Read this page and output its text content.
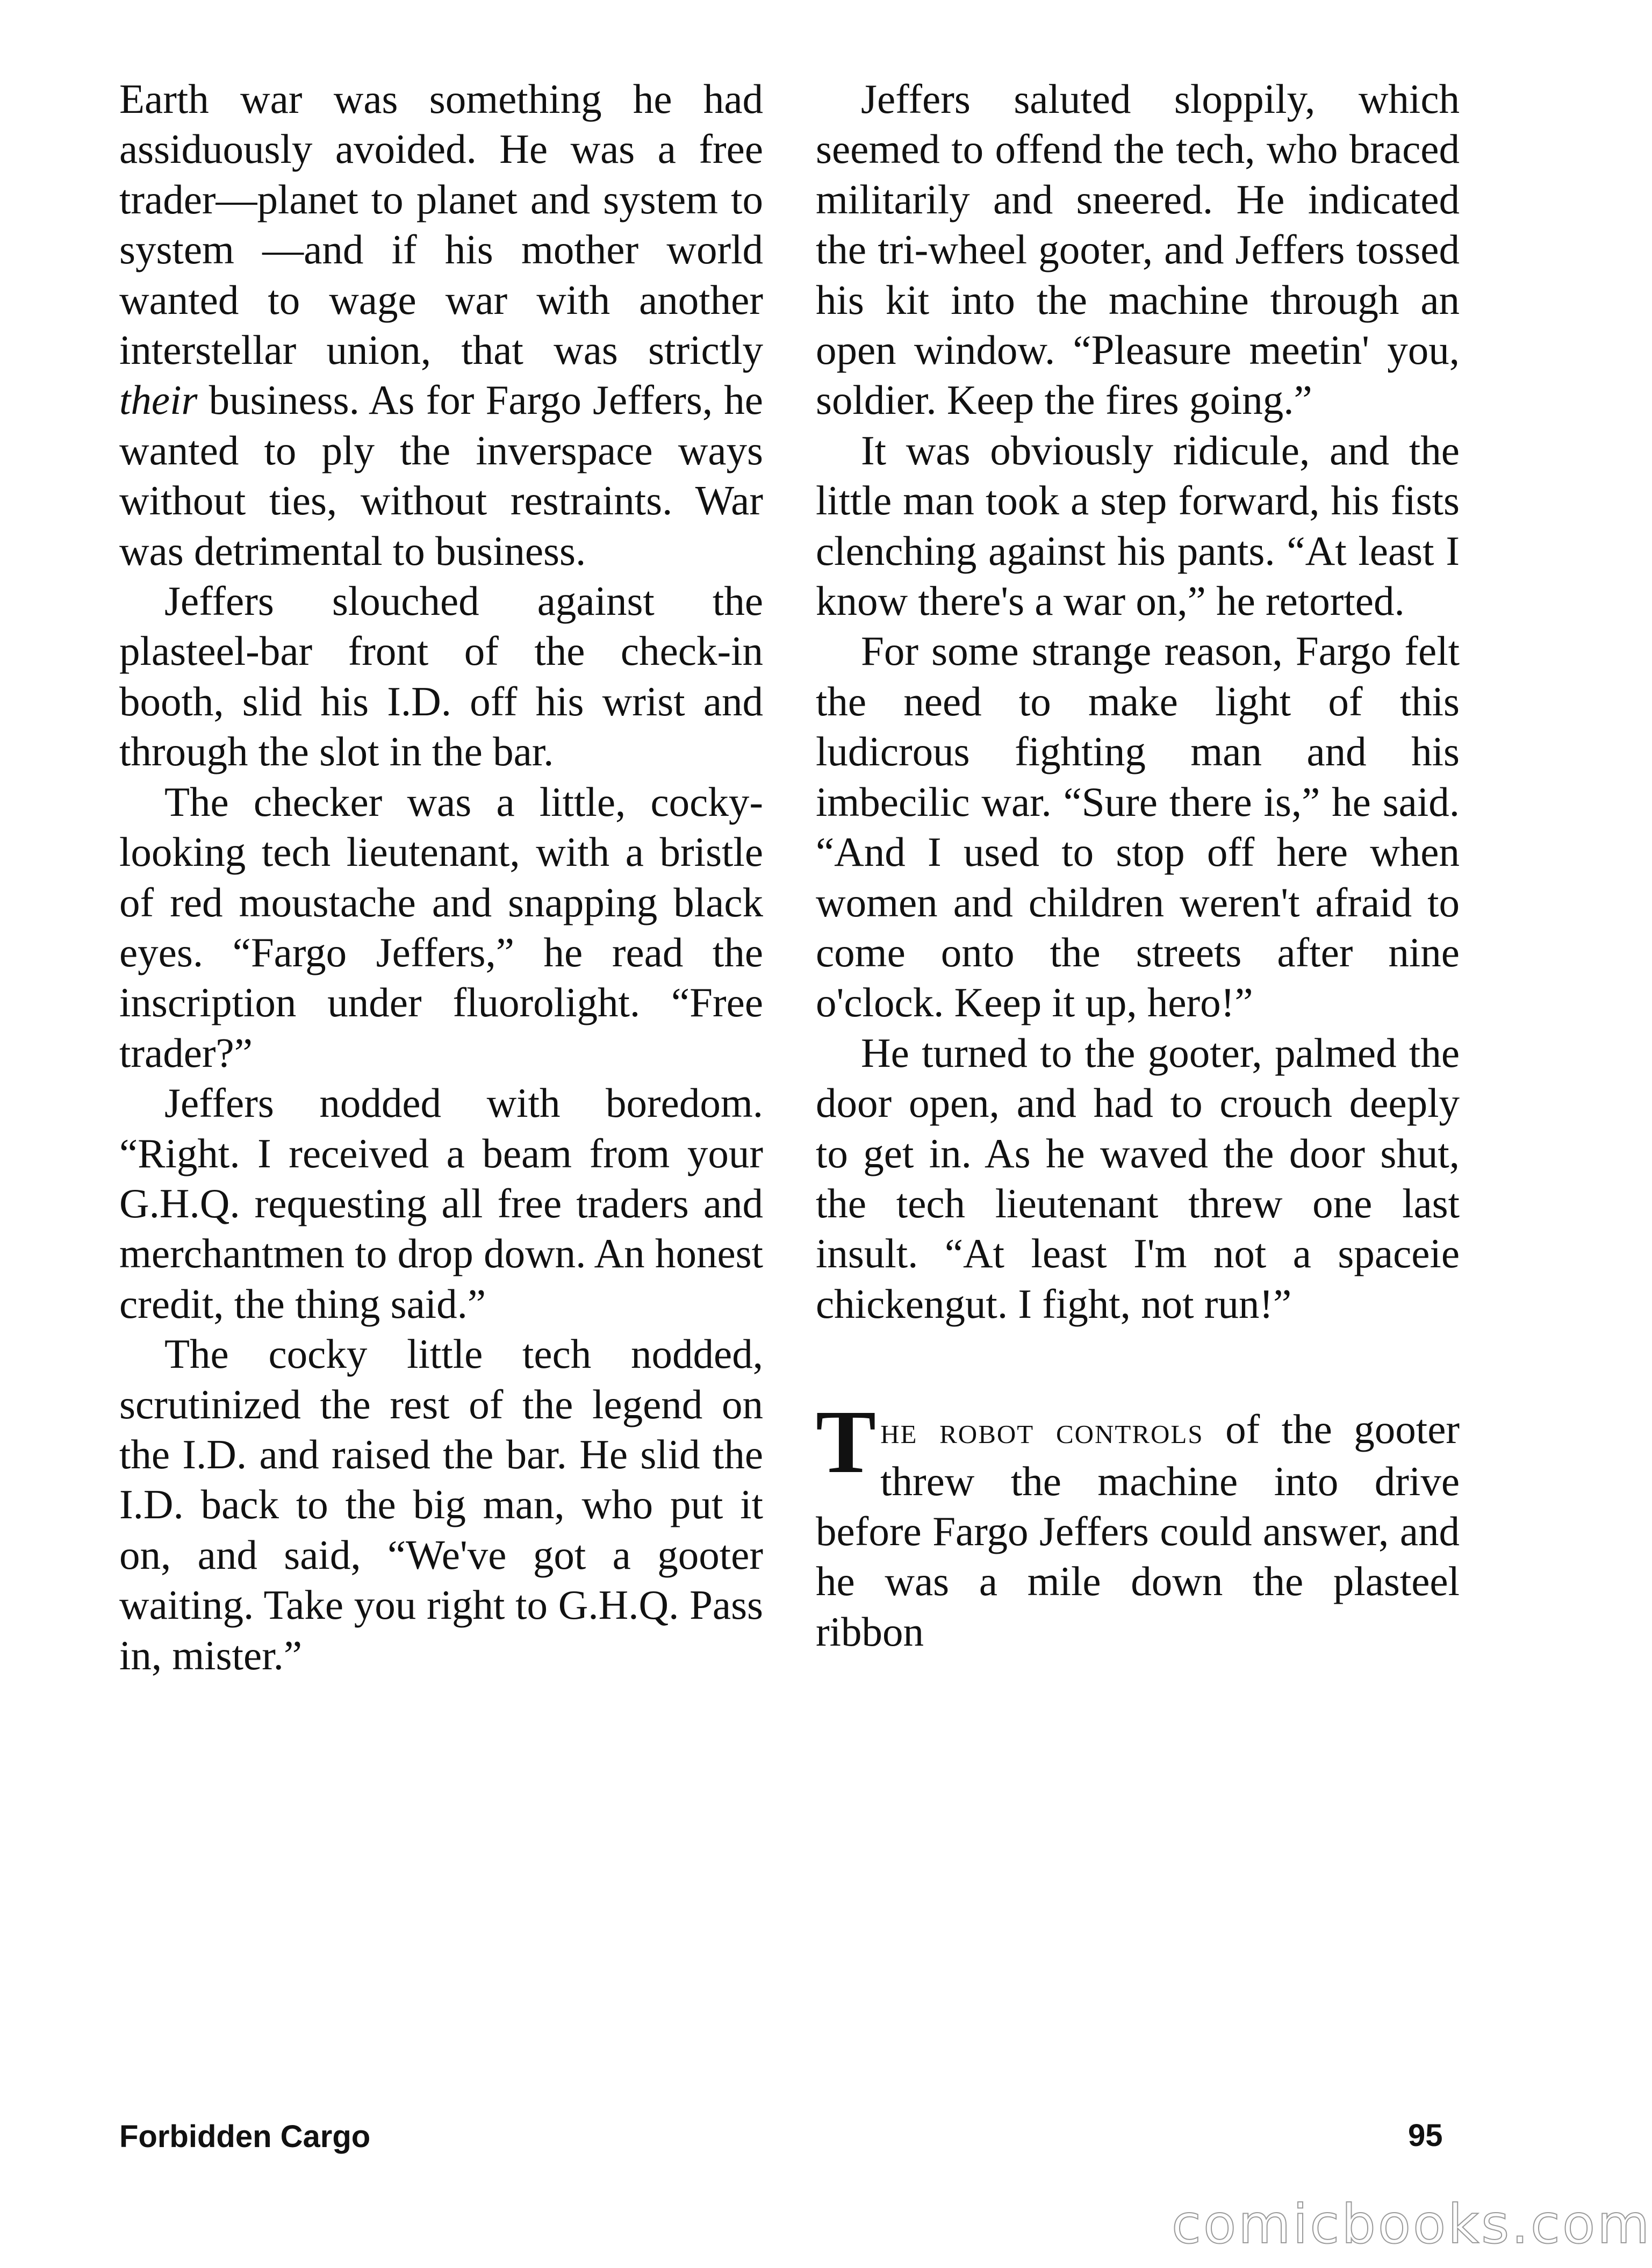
Earth war was something he had assiduously avoided. He was a free trader—planet to planet and system to system —and if his mother world wanted to wage war with another interstellar union, that was strictly their business. As for Fargo Jeffers, he wanted to ply the inverspace ways without ties, without restraints. War was detrimental to business.

Jeffers slouched against the plasteel-bar front of the check-in booth, slid his I.D. off his wrist and through the slot in the bar.

The checker was a little, cocky-looking tech lieutenant, with a bristle of red moustache and snapping black eyes. “Fargo Jeffers,” he read the inscription under fluorolight. “Free trader?”

Jeffers nodded with boredom. “Right. I received a beam from your G.H.Q. requesting all free traders and merchantmen to drop down. An honest credit, the thing said.”

The cocky little tech nodded, scrutinized the rest of the legend on the I.D. and raised the bar. He slid the I.D. back to the big man, who put it on, and said, “We've got a gooter waiting. Take you right to G.H.Q. Pass in, mister.”

Jeffers saluted sloppily, which seemed to offend the tech, who braced militarily and sneered. He indicated the tri-wheel gooter, and Jeffers tossed his kit into the machine through an open window. “Pleasure meetin' you, soldier. Keep the fires going.”

It was obviously ridicule, and the little man took a step forward, his fists clenching against his pants. “At least I know there's a war on,” he retorted.

For some strange reason, Fargo felt the need to make light of this ludicrous fighting man and his imbecilic war. “Sure there is,” he said. “And I used to stop off here when women and children weren't afraid to come onto the streets after nine o'clock. Keep it up, hero!”

He turned to the gooter, palmed the door open, and had to crouch deeply to get in. As he waved the door shut, the tech lieutenant threw one last insult. “At least I'm not a spaceie chickengut. I fight, not run!”

The robot controls of the gooter threw the machine into drive before Fargo Jeffers could answer, and he was a mile down the plasteel ribbon

Forbidden Cargo	95
comicbooks.com
